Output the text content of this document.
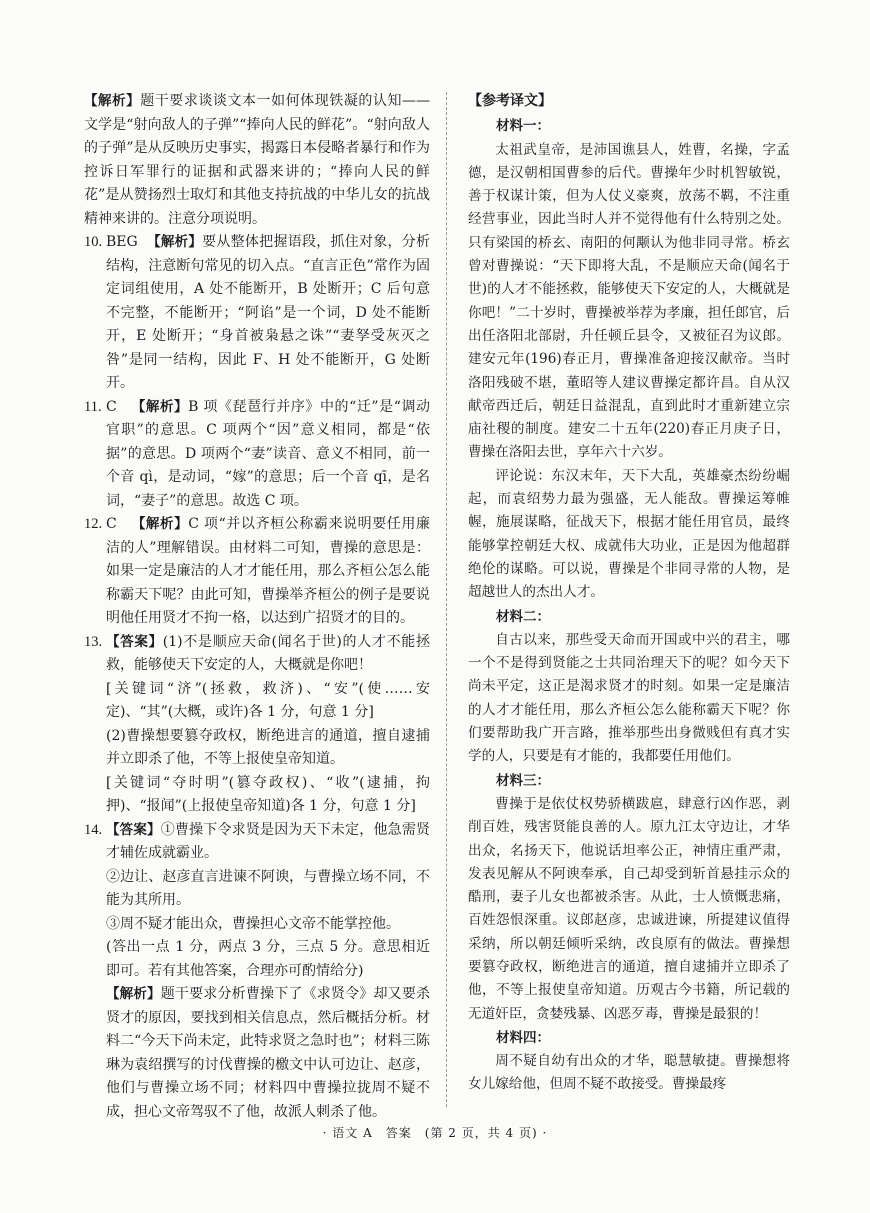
【解析】题干要求谈谈文本一如何体现铁凝的认知——文学是“射向敌人的子弹”“捧向人民的鲜花”。“射向敌人的子弹”是从反映历史事实，揭露日本侵略者暴行和作为控诉日军罪行的证据和武器来讲的；“捧向人民的鲜花”是从赞扬烈士取灯和其他支持抗战的中华儿女的抗战精神来讲的。注意分项说明。

10. BEG 【解析】要从整体把握语段，抓住对象，分析结构，注意断句常见的切入点。“直言正色”常作为固定词组使用，A 处不能断开，B 处断开；C 后句意不完整，不能断开；“阿谄”是一个词，D 处不能断开，E 处断开；“身首被枭悬之诛”“妻孥受灰灭之咎”是同一结构，因此 F、H 处不能断开，G 处断开。

11. C 【解析】B 项《琵琶行并序》中的“迁”是“调动官职”的意思。C 项两个“因”意义相同，都是“依据”的意思。D 项两个“妻”读音、意义不相同，前一个音 qì，是动词，“嫁”的意思；后一个音 qī，是名词，“妻子”的意思。故选 C 项。

12. C 【解析】C 项“并以齐桓公称霸来说明要任用廉洁的人”理解错误。由材料二可知，曹操的意思是：如果一定是廉洁的人才才能任用，那么齐桓公怎么能称霸天下呢？由此可知，曹操举齐桓公的例子是要说明他任用贤才不拘一格，以达到广招贤才的目的。

13. 【答案】(1)不是顺应天命(闻名于世)的人才不能拯救，能够使天下安定的人，大概就是你吧！

[关键词“济”(拯救，救济)、“安”(使……安定)、“其”(大概，或许)各 1 分，句意 1 分]

(2)曹操想要篡夺政权，断绝进言的通道，擅自逮捕并立即杀了他，不等上报使皇帝知道。

[关键词“夺时明”(篡夺政权)、“收”(逮捕，拘押)、“报闻”(上报使皇帝知道)各 1 分，句意 1 分]

14. 【答案】①曹操下令求贤是因为天下未定，他急需贤才辅佐成就霸业。

②边让、赵彦直言进谏不阿谀，与曹操立场不同，不能为其所用。

③周不疑才能出众，曹操担心文帝不能掌控他。

(答出一点 1 分，两点 3 分，三点 5 分。意思相近即可。若有其他答案，合理亦可酌情给分)

【解析】题干要求分析曹操下了《求贤令》却又要杀贤才的原因，要找到相关信息点，然后概括分析。材料二“今天下尚未定，此特求贤之急时也”；材料三陈琳为袁绍撰写的讨伐曹操的檄文中认可边让、赵彦，他们与曹操立场不同；材料四中曹操拉拢周不疑不成，担心文帝驾驭不了他，故派人刺杀了他。

【参考译文】
材料一：

太祖武皇帝，是沛国谯县人，姓曹，名操，字孟德，是汉朝相国曹参的后代。曹操年少时机智敏锐，善于权谋计策，但为人仗义豪爽，放荡不羁，不注重经营事业，因此当时人并不觉得他有什么特别之处。只有梁国的桥玄、南阳的何颙认为他非同寻常。桥玄曾对曹操说：“天下即将大乱，不是顺应天命(闻名于世)的人才不能拯救，能够使天下安定的人，大概就是你吧！”二十岁时，曹操被举荐为孝廉，担任郎官，后出任洛阳北部尉，升任顿丘县令，又被征召为议郎。建安元年(196)春正月，曹操准备迎接汉献帝。当时洛阳残破不堪，董昭等人建议曹操定都许昌。自从汉献帝西迁后，朝廷日益混乱，直到此时才重新建立宗庙社稷的制度。建安二十五年(220)春正月庚子日，曹操在洛阳去世，享年六十六岁。

评论说：东汉末年，天下大乱，英雄豪杰纷纷崛起，而袁绍势力最为强盛，无人能敌。曹操运筹帷幄，施展谋略，征战天下，根据才能任用官员，最终能够掌控朝廷大权、成就伟大功业，正是因为他超群绝伦的谋略。可以说，曹操是个非同寻常的人物，是超越世人的杰出人才。

材料二：

自古以来，那些受天命而开国或中兴的君主，哪一个不是得到贤能之士共同治理天下的呢？如今天下尚未平定，这正是渴求贤才的时刻。如果一定是廉洁的人才才能任用，那么齐桓公怎么能称霸天下呢？你们要帮助我广开言路，推举那些出身微贱但有真才实学的人，只要是有才能的，我都要任用他们。

材料三：

曹操于是依仗权势骄横跋扈，肆意行凶作恶，剥削百姓，残害贤能良善的人。原九江太守边让，才华出众，名扬天下，他说话坦率公正，神情庄重严肃，发表见解从不阿谀奉承，自己却受到斩首悬挂示众的酷刑，妻子儿女也都被杀害。从此，士人愤慨悲痛，百姓怨恨深重。议郎赵彦，忠诚进谏，所提建议值得采纳，所以朝廷倾听采纳，改良原有的做法。曹操想要篡夺政权，断绝进言的通道，擅自逮捕并立即杀了他，不等上报使皇帝知道。历观古今书籍，所记载的无道奸臣，贪婪残暴、凶恶歹毒，曹操是最狠的！

材料四：

周不疑自幼有出众的才华，聪慧敏捷。曹操想将女儿嫁给他，但周不疑不敢接受。曹操最疼

· 语文 A　答案　(第 2 页，共 4 页) ·
